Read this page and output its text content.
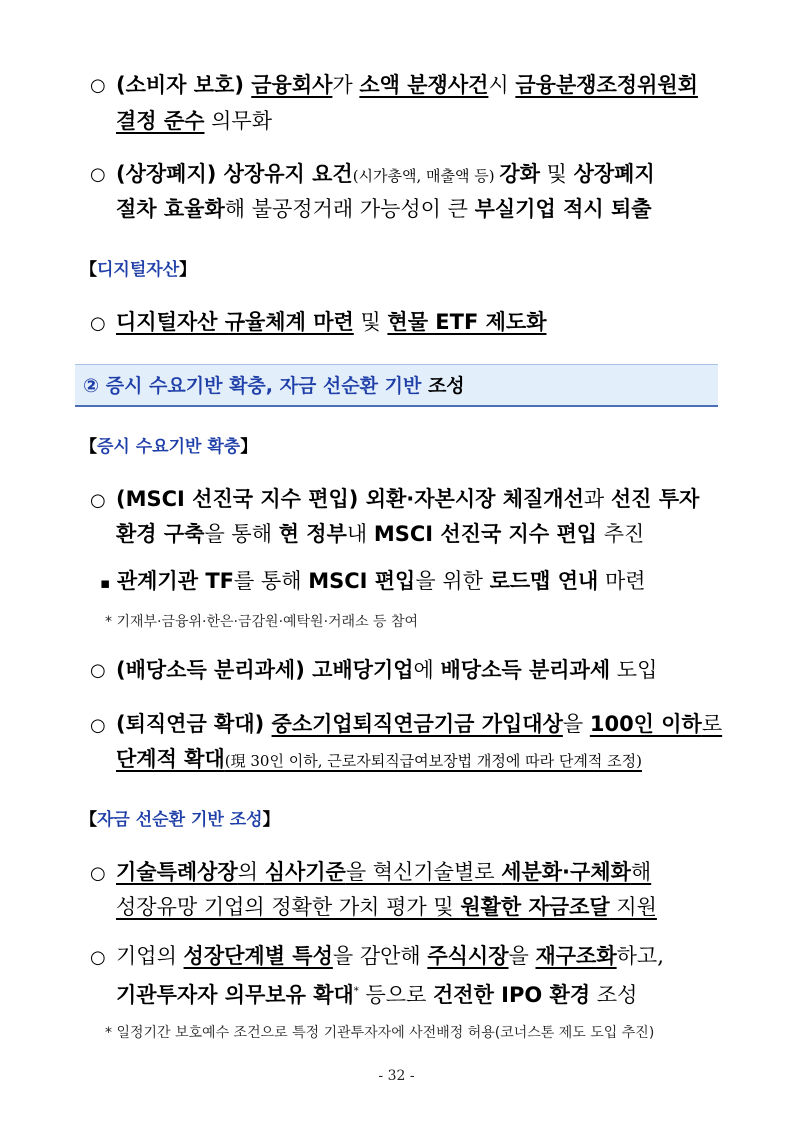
○ (소비자 보호) 금융회사가 소액 분쟁사건시 금융분쟁조정위원회
결정 준수 의무화
○ (상장폐지) 상장유지 요건(시가총액, 매출액 등) 강화 및 상장폐지
절차 효율화해 불공정거래 가능성이 큰 부실기업 적시 퇴출
【디지털자산】
○ 디지털자산 규율체계 마련 및 현물 ETF 제도화
② 증시 수요기반 확충, 자금 선순환 기반 조성
【증시 수요기반 확충】
○ (MSCI 선진국 지수 편입) 외환·자본시장 체질개선과 선진 투자
환경 구축을 통해 현 정부내 MSCI 선진국 지수 편입 추진
▪ 관계기관 TF를 통해 MSCI 편입을 위한 로드맵 연내 마련
* 기재부·금융위·한은·금감원·예탁원·거래소 등 참여
○ (배당소득 분리과세) 고배당기업에 배당소득 분리과세 도입
○ (퇴직연금 확대) 중소기업퇴직연금기금 가입대상을 100인 이하로
단계적 확대(現 30인 이하, 근로자퇴직급여보장법 개정에 따라 단계적 조정)
【자금 선순환 기반 조성】
○ 기술특례상장의 심사기준을 혁신기술별로 세분화·구체화해
성장유망 기업의 정확한 가치 평가 및 원활한 자금조달 지원
○ 기업의 성장단계별 특성을 감안해 주식시장을 재구조화하고,
기관투자자 의무보유 확대* 등으로 건전한 IPO 환경 조성
* 일정기간 보호예수 조건으로 특정 기관투자자에 사전배정 허용(코너스톤 제도 도입 추진)
- 32 -
